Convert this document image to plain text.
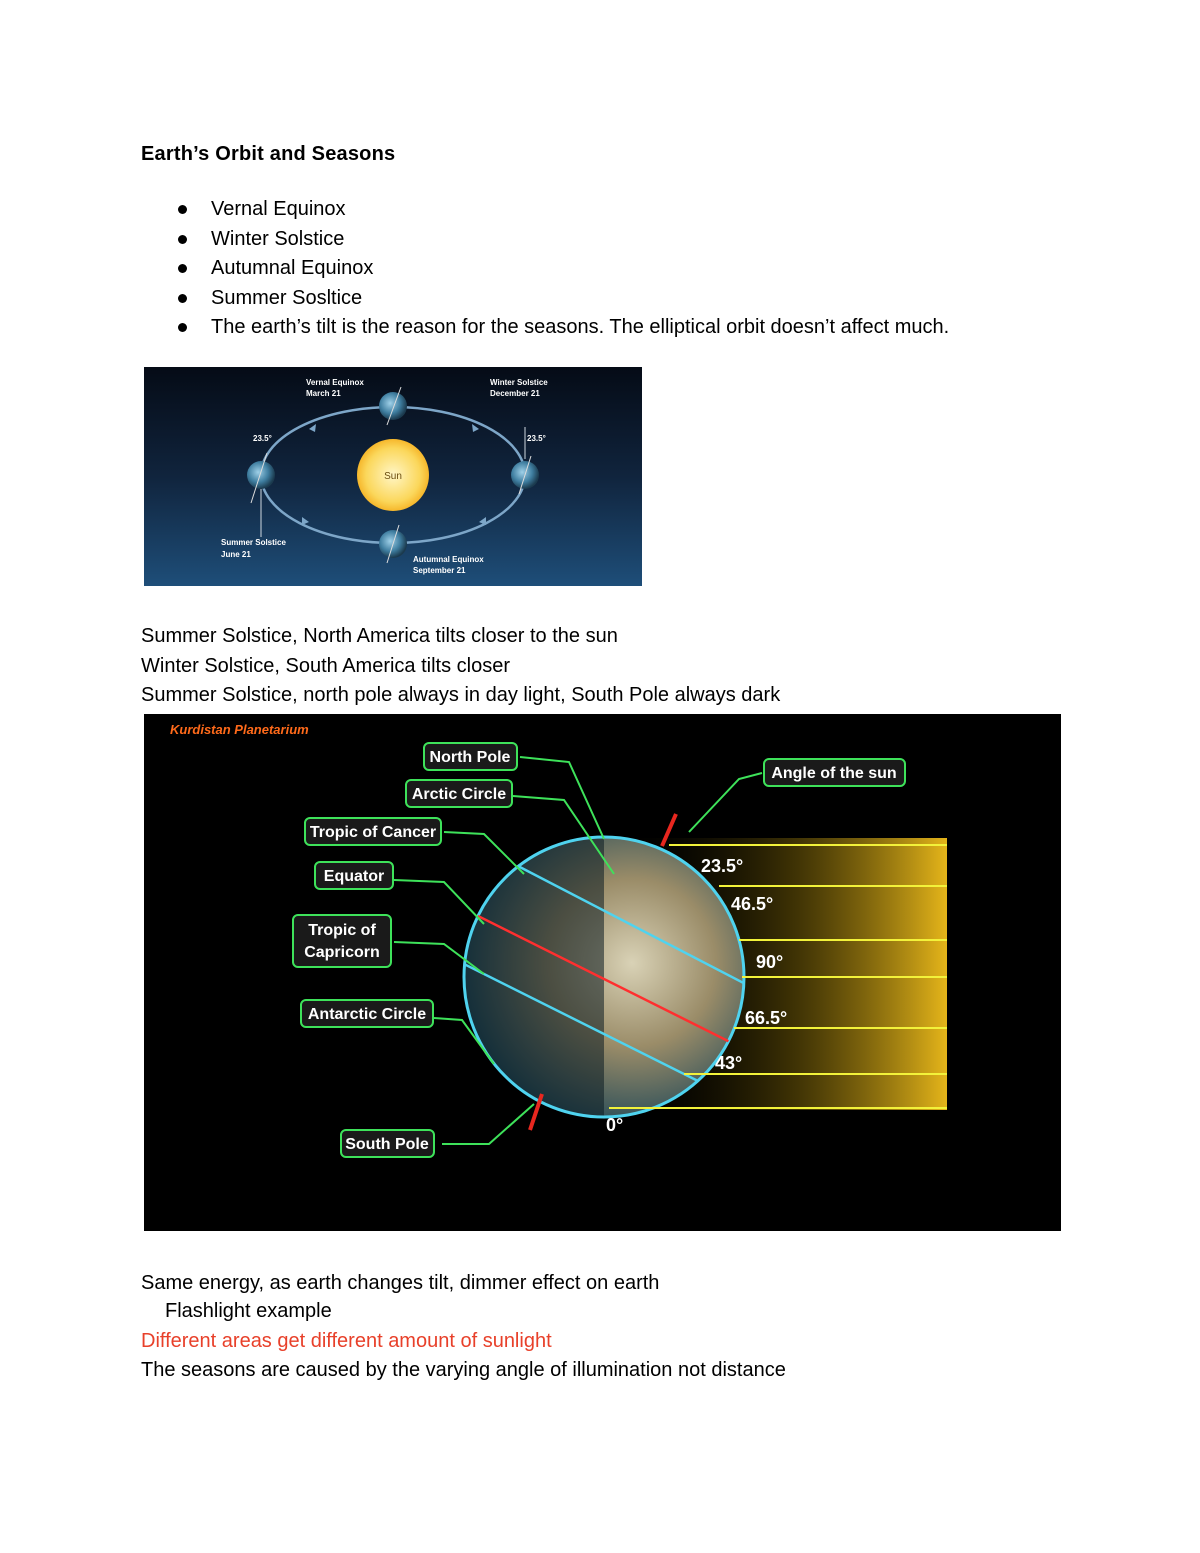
Earth’s Orbit and Seasons
Vernal Equinox
Winter Solstice
Autumnal Equinox
Summer Sosltice
The earth’s tilt is the reason for the seasons. The elliptical orbit doesn’t affect much.
Sun
Vernal Equinox
March 21
Winter Solstice
December 21
Summer Solstice
June 21
Autumnal Equinox
September 21
23.5°	23.5°
Summer Solstice, North America tilts closer to the sun
Winter Solstice, South America tilts closer
Summer Solstice, north pole always in day light, South Pole always dark
Kurdistan Planetarium
North Pole
Arctic Circle
Tropic of Cancer
Equator
Tropic of
Capricorn
Antarctic Circle
South Pole
Angle of the sun
23.5°
46.5°
90°
66.5°
43°
0°
Same energy, as earth changes tilt, dimmer effect on earth
Flashlight example
Different areas get different amount of sunlight
The seasons are caused by the varying angle of illumination not distance
